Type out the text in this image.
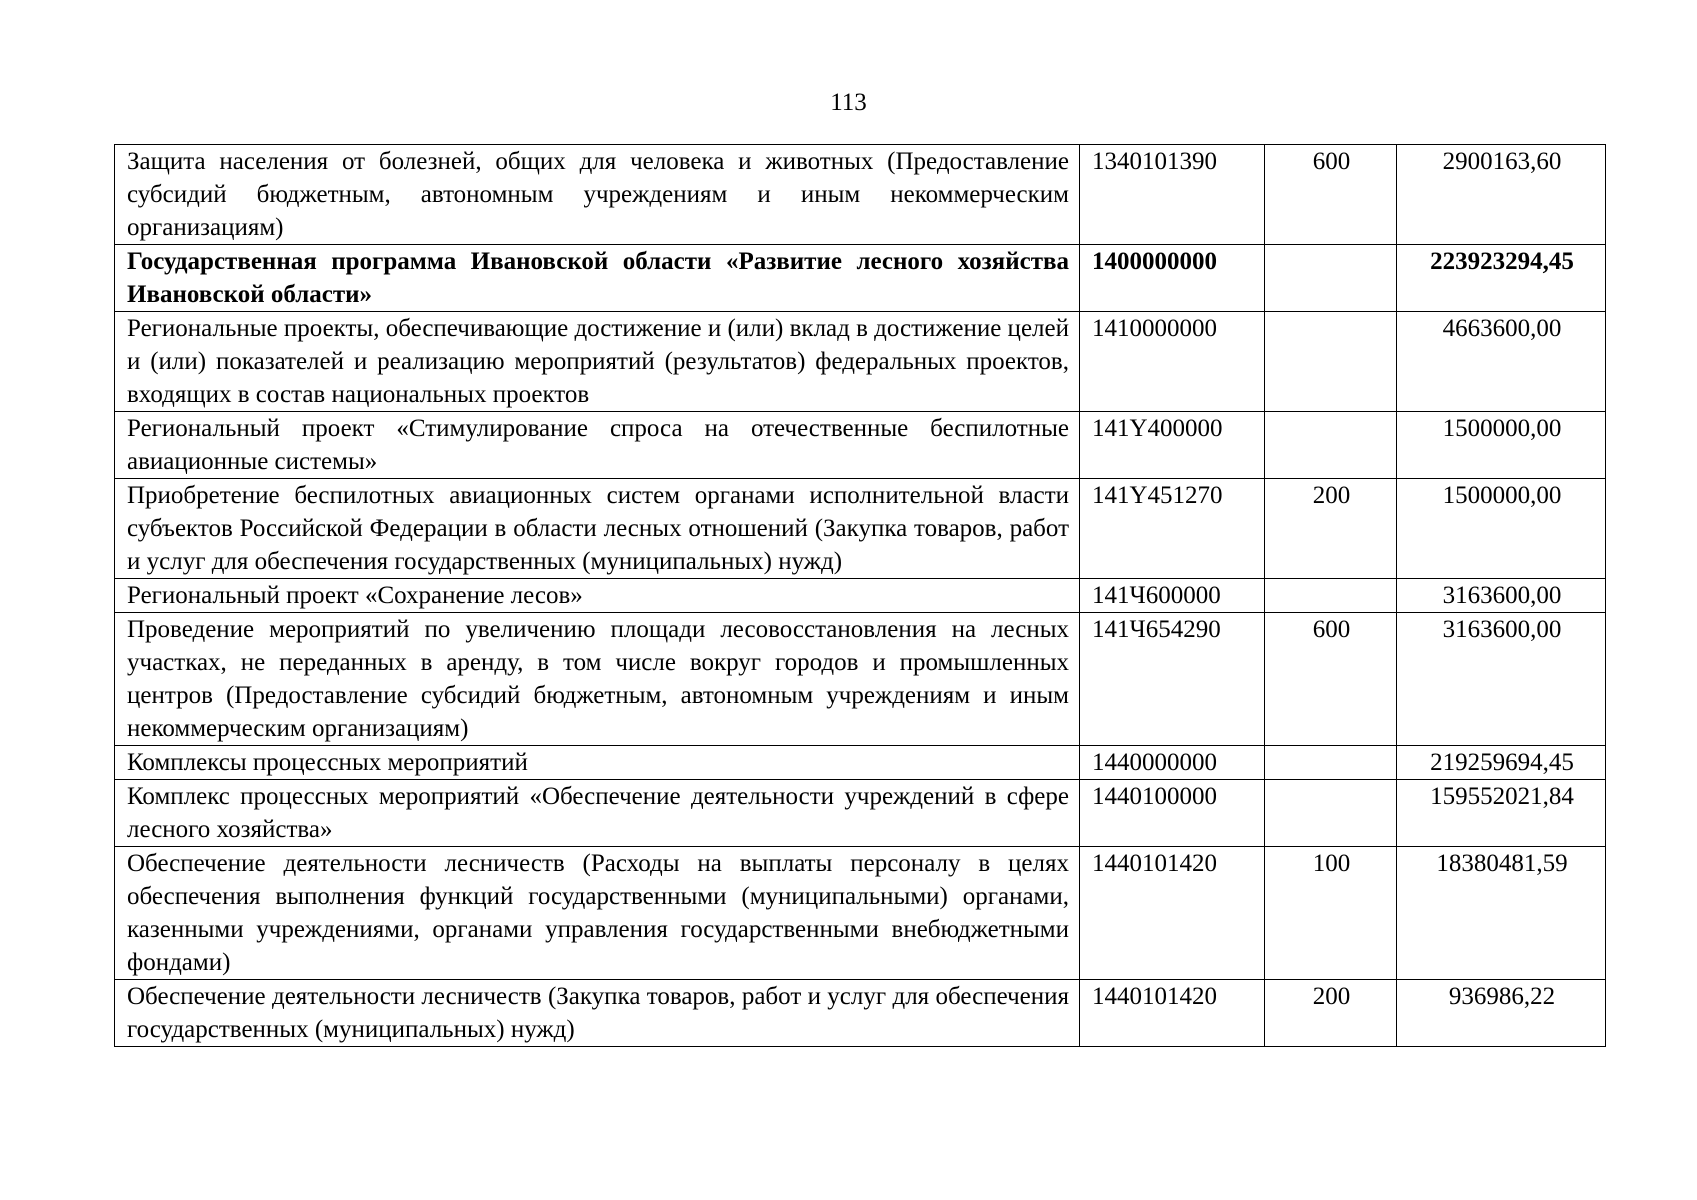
113
Защита населения от болезней, общих для человека и животных (Предоставление субсидий бюджетным, автономным учреждениям и иным некоммерческим организациям)	1340101390	600	2900163,60
Государственная программа Ивановской области «Развитие лесного хозяйства Ивановской области»	1400000000		223923294,45
Региональные проекты, обеспечивающие достижение и (или) вклад в достижение целей и (или) показателей и реализацию мероприятий (результатов) федеральных проектов, входящих в состав национальных проектов	1410000000		4663600,00
Региональный проект «Стимулирование спроса на отечественные беспилотные авиационные системы»	141Y400000		1500000,00
Приобретение беспилотных авиационных систем органами исполнительной власти субъектов Российской Федерации в области лесных отношений (Закупка товаров, работ и услуг для обеспечения государственных (муниципальных) нужд)	141Y451270	200	1500000,00
Региональный проект «Сохранение лесов»	141Ч600000		3163600,00
Проведение мероприятий по увеличению площади лесовосстановления на лесных участках, не переданных в аренду, в том числе вокруг городов и промышленных центров (Предоставление субсидий бюджетным, автономным учреждениям и иным некоммерческим организациям)	141Ч654290	600	3163600,00
Комплексы процессных мероприятий	1440000000		219259694,45
Комплекс процессных мероприятий «Обеспечение деятельности учреждений в сфере лесного хозяйства»	1440100000		159552021,84
Обеспечение деятельности лесничеств (Расходы на выплаты персоналу в целях обеспечения выполнения функций государственными (муниципальными) органами, казенными учреждениями, органами управления государственными внебюджетными фондами)	1440101420	100	18380481,59
Обеспечение деятельности лесничеств (Закупка товаров, работ и услуг для обеспечения государственных (муниципальных) нужд)	1440101420	200	936986,22
